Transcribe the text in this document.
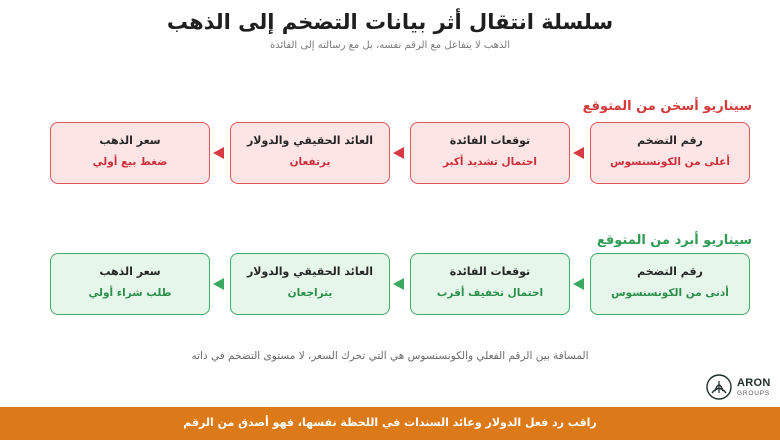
سلسلة انتقال أثر بيانات التضخم إلى الذهب
الذهب لا يتفاعل مع الرقم نفسه، بل مع رسالته إلى الفائدة
سيناريو أسخن من المتوقع
رقم التضخم
أعلى من الكونسنسوس
توقعات الفائدة
احتمال تشديد أكبر
العائد الحقيقي والدولار
يرتفعان
سعر الذهب
ضغط بيع أولي
سيناريو أبرد من المتوقع
رقم التضخم
أدنى من الكونسنسوس
توقعات الفائدة
احتمال تخفيف أقرب
العائد الحقيقي والدولار
يتراجعان
سعر الذهب
طلب شراء أولي
المسافة بين الرقم الفعلي والكونسنسوس هي التي تحرك السعر، لا مستوى التضخم في ذاته
ARON
GROUPS
راقب رد فعل الدولار وعائد السندات في اللحظة نفسها، فهو أصدق من الرقم
